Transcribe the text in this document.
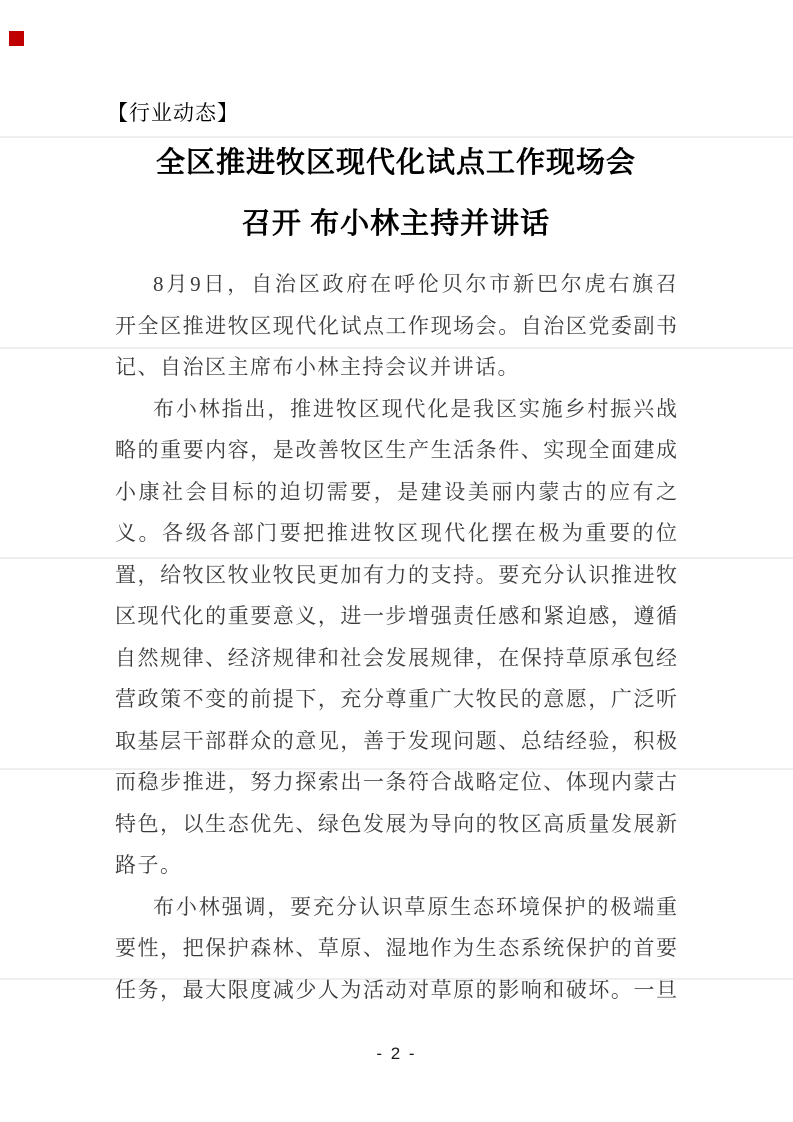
【行业动态】
全区推进牧区现代化试点工作现场会
召开 布小林主持并讲话

8月9日，自治区政府在呼伦贝尔市新巴尔虎右旗召
开全区推进牧区现代化试点工作现场会。自治区党委副书
记、自治区主席布小林主持会议并讲话。

布小林指出，推进牧区现代化是我区实施乡村振兴战
略的重要内容，是改善牧区生产生活条件、实现全面建成
小康社会目标的迫切需要，是建设美丽内蒙古的应有之
义。各级各部门要把推进牧区现代化摆在极为重要的位
置，给牧区牧业牧民更加有力的支持。要充分认识推进牧
区现代化的重要意义，进一步增强责任感和紧迫感，遵循
自然规律、经济规律和社会发展规律，在保持草原承包经
营政策不变的前提下，充分尊重广大牧民的意愿，广泛听
取基层干部群众的意见，善于发现问题、总结经验，积极
而稳步推进，努力探索出一条符合战略定位、体现内蒙古
特色，以生态优先、绿色发展为导向的牧区高质量发展新
路子。

布小林强调，要充分认识草原生态环境保护的极端重
要性，把保护森林、草原、湿地作为生态系统保护的首要
任务，最大限度减少人为活动对草原的影响和破坏。一旦

- 2 -
